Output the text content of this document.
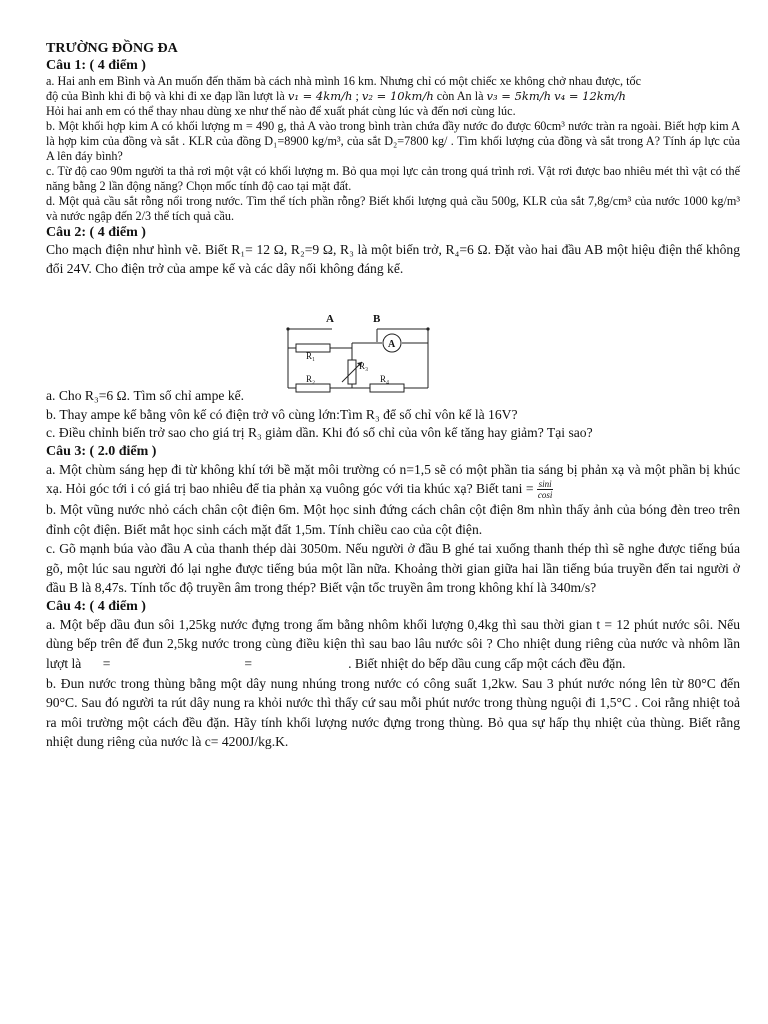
TRƯỜNG ĐỒNG ĐA

Câu 1: ( 4 điểm )

a. Hai anh em Bình và An muốn đến thăm bà cách nhà mình 16 km. Nhưng chỉ có một chiếc xe không chở nhau được, tốc
độ của Bình khi đi bộ và khi đi xe đạp lần lượt là v₁ = 4km/h ; v₂ = 10km/h còn An là v₃ = 5km/h v₄ = 12km/h
Hỏi hai anh em có thể thay nhau dùng xe như thế nào để xuất phát cùng lúc và đến nơi cùng lúc.

b. Một khối hợp kim A có khối lượng m = 490 g, thả A vào trong bình tràn chứa đầy nước đo được 60cm³ nước tràn ra ngoài. Biết hợp kim A là hợp kim của đồng và sắt . KLR của đồng D₁=8900 kg/m³, của sắt D₂=7800 kg/ . Tìm khối lượng của đồng và sắt trong A? Tính áp lực của A lên đáy bình?

c. Từ độ cao 90m người ta thả rơi một vật có khối lượng m. Bỏ qua mọi lực cản trong quá trình rơi. Vật rơi được bao nhiêu mét thì vật có thế năng bằng 2 lần động năng? Chọn mốc tính độ cao tại mặt đất.

d. Một quả cầu sắt rỗng nổi trong nước. Tìm thể tích phần rỗng? Biết khối lượng quả cầu 500g, KLR của sắt 7,8g/cm³ của nước 1000 kg/m³ và nước ngập đến 2/3 thể tích quả cầu.

Câu 2: ( 4 điểm )

Cho mạch điện như hình vẽ. Biết R₁= 12 Ω, R₂=9 Ω, R₃ là một biến trở, R₄=6 Ω. Đặt vào hai đầu AB một hiệu điện thế không đổi 24V. Cho điện trở của ampe kế và các dây nối không đáng kể.

a. Cho R₃=6 Ω. Tìm số chỉ ampe kế.

b. Thay ampe kế bằng vôn kế có điện trở vô cùng lớn:Tìm R₃ để số chỉ vôn kế là 16V?

c. Điều chỉnh biến trở sao cho giá trị R₃ giảm dần. Khi đó số chỉ của vôn kế tăng hay giảm? Tại sao?

Câu 3: ( 2.0 điểm )

a. Một chùm sáng hẹp đi từ không khí tới bề mặt môi trường có n=1,5 sẽ có một phần tia sáng bị phản xạ và một phần bị khúc xạ. Hỏi góc tới i có giá trị bao nhiêu để tia phản xạ vuông góc với tia khúc xạ? Biết $\tan i = \frac{\sin i}{\cos i}$

b. Một vũng nước nhỏ cách chân cột điện 6m. Một học sinh đứng cách chân cột điện 8m nhìn thấy ảnh của bóng đèn treo trên đỉnh cột điện. Biết mắt học sinh cách mặt đất 1,5m. Tính chiều cao của cột điện.

c. Gõ mạnh búa vào đầu A của thanh thép dài 3050m. Nếu người ở đầu B ghé tai xuống thanh thép thì sẽ nghe được tiếng búa gõ, một lúc sau người đó lại nghe được tiếng búa một lần nữa. Khoảng thời gian giữa hai lần tiếng búa truyền đến tai người ở đầu B là 8,47s. Tính tốc độ truyền âm trong thép? Biết vận tốc truyền âm trong không khí là 340m/s?

Câu 4: ( 4 điểm )

a. Một bếp dầu đun sôi 1,25kg nước đựng trong ấm bằng nhôm khối lượng 0,4kg thì sau thời gian t = 12 phút nước sôi. Nếu dùng bếp trên để đun 2,5kg nước trong cùng điều kiện thì sau bao lâu nước sôi ? Cho nhiệt dung riêng của nước và nhôm lần lượt là =	=	. Biết nhiệt do bếp dầu cung cấp một cách đều đặn.

b. Đun nước trong thùng bằng một dây nung nhúng trong nước có công suất 1,2kw. Sau 3 phút nước nóng lên từ 80°C đến 90°C. Sau đó người ta rút dây nung ra khỏi nước thì thấy cứ sau mỗi phút nước trong thùng nguội đi 1,5°C . Coi rằng nhiệt toả ra môi trường một cách đều đặn. Hãy tính khối lượng nước đựng trong thùng. Bỏ qua sự hấp thụ nhiệt của thùng. Biết rằng nhiệt dung riêng của nước là c= 4200J/kg.K.

A	B
A
R₁
R₂
R₃
R₄
